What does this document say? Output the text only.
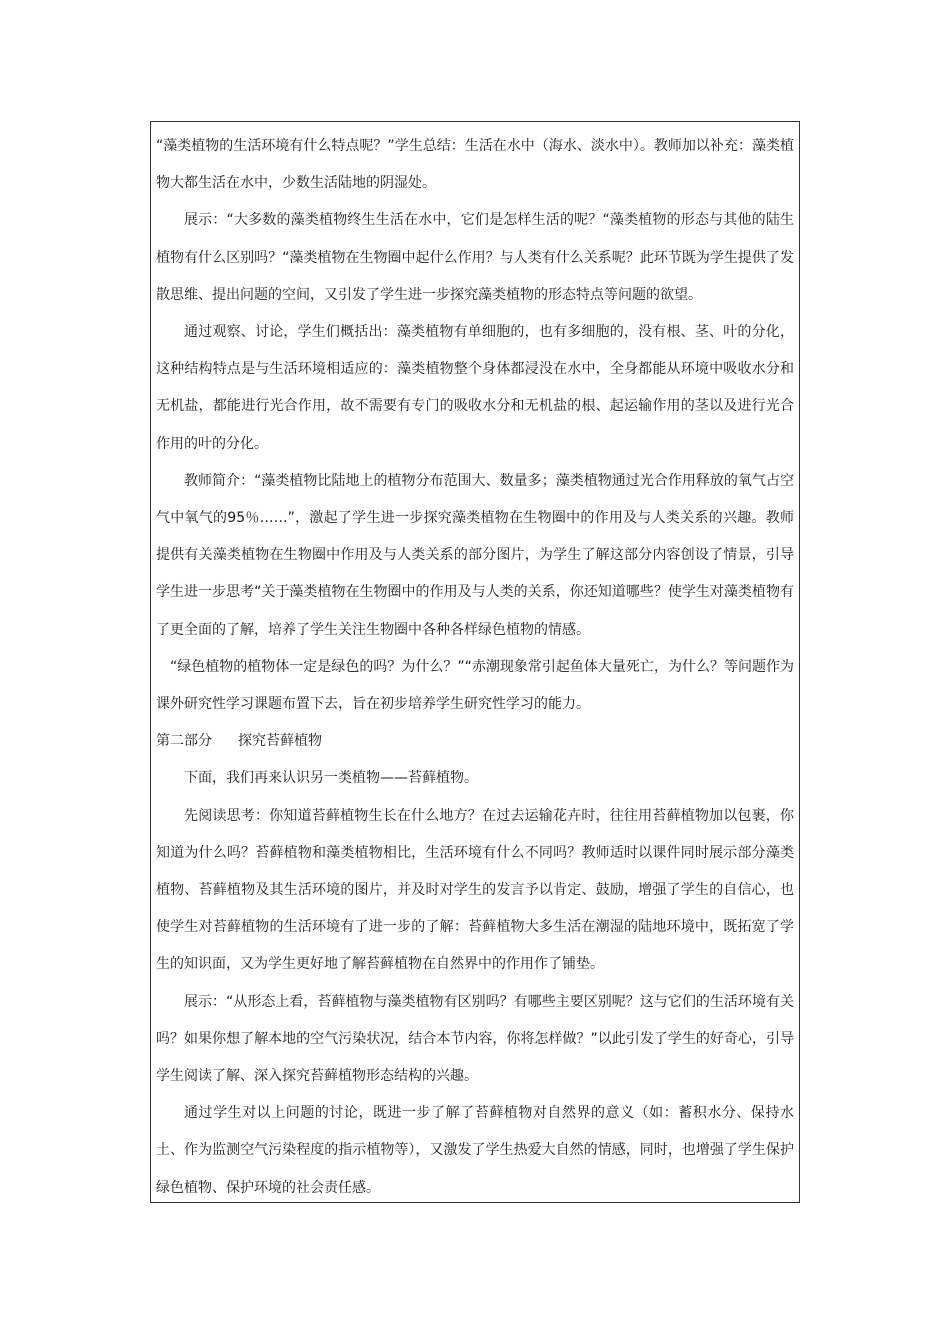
“藻类植物的生活环境有什么特点呢？”学生总结：生活在水中（海水、淡水中）。教师加以补充：藻类植物大都生活在水中，少数生活陆地的阴湿处。

展示：“大多数的藻类植物终生生活在水中，它们是怎样生活的呢？“藻类植物的形态与其他的陆生植物有什么区别吗？“藻类植物在生物圈中起什么作用？与人类有什么关系呢？此环节既为学生提供了发散思维、提出问题的空间，又引发了学生进一步探究藻类植物的形态特点等问题的欲望。

通过观察、讨论，学生们概括出：藻类植物有单细胞的，也有多细胞的，没有根、茎、叶的分化，这种结构特点是与生活环境相适应的：藻类植物整个身体都浸没在水中，全身都能从环境中吸收水分和无机盐，都能进行光合作用，故不需要有专门的吸收水分和无机盐的根、起运输作用的茎以及进行光合作用的叶的分化。

教师简介：“藻类植物比陆地上的植物分布范围大、数量多；藻类植物通过光合作用释放的氧气占空气中氧气的95％……”，激起了学生进一步探究藻类植物在生物圈中的作用及与人类关系的兴趣。教师提供有关藻类植物在生物圈中作用及与人类关系的部分图片，为学生了解这部分内容创设了情景，引导学生进一步思考“关于藻类植物在生物圈中的作用及与人类的关系，你还知道哪些？使学生对藻类植物有了更全面的了解，培养了学生关注生物圈中各种各样绿色植物的情感。

“绿色植物的植物体一定是绿色的吗？为什么？”“赤潮现象常引起鱼体大量死亡，为什么？等问题作为课外研究性学习课题布置下去，旨在初步培养学生研究性学习的能力。

第二部分 探究苔藓植物

下面，我们再来认识另一类植物——苔藓植物。

先阅读思考：你知道苔藓植物生长在什么地方？在过去运输花卉时，往往用苔藓植物加以包裹，你知道为什么吗？苔藓植物和藻类植物相比，生活环境有什么不同吗？教师适时以课件同时展示部分藻类植物、苔藓植物及其生活环境的图片，并及时对学生的发言予以肯定、鼓励，增强了学生的自信心，也使学生对苔藓植物的生活环境有了进一步的了解：苔藓植物大多生活在潮湿的陆地环境中，既拓宽了学生的知识面，又为学生更好地了解苔藓植物在自然界中的作用作了铺垫。

展示：“从形态上看，苔藓植物与藻类植物有区别吗？有哪些主要区别呢？这与它们的生活环境有关吗？如果你想了解本地的空气污染状况，结合本节内容，你将怎样做？”以此引发了学生的好奇心，引导学生阅读了解、深入探究苔藓植物形态结构的兴趣。

通过学生对以上问题的讨论，既进一步了解了苔藓植物对自然界的意义（如：蓄积水分、保持水土、作为监测空气污染程度的指示植物等），又激发了学生热爱大自然的情感，同时，也增强了学生保护绿色植物、保护环境的社会责任感。
